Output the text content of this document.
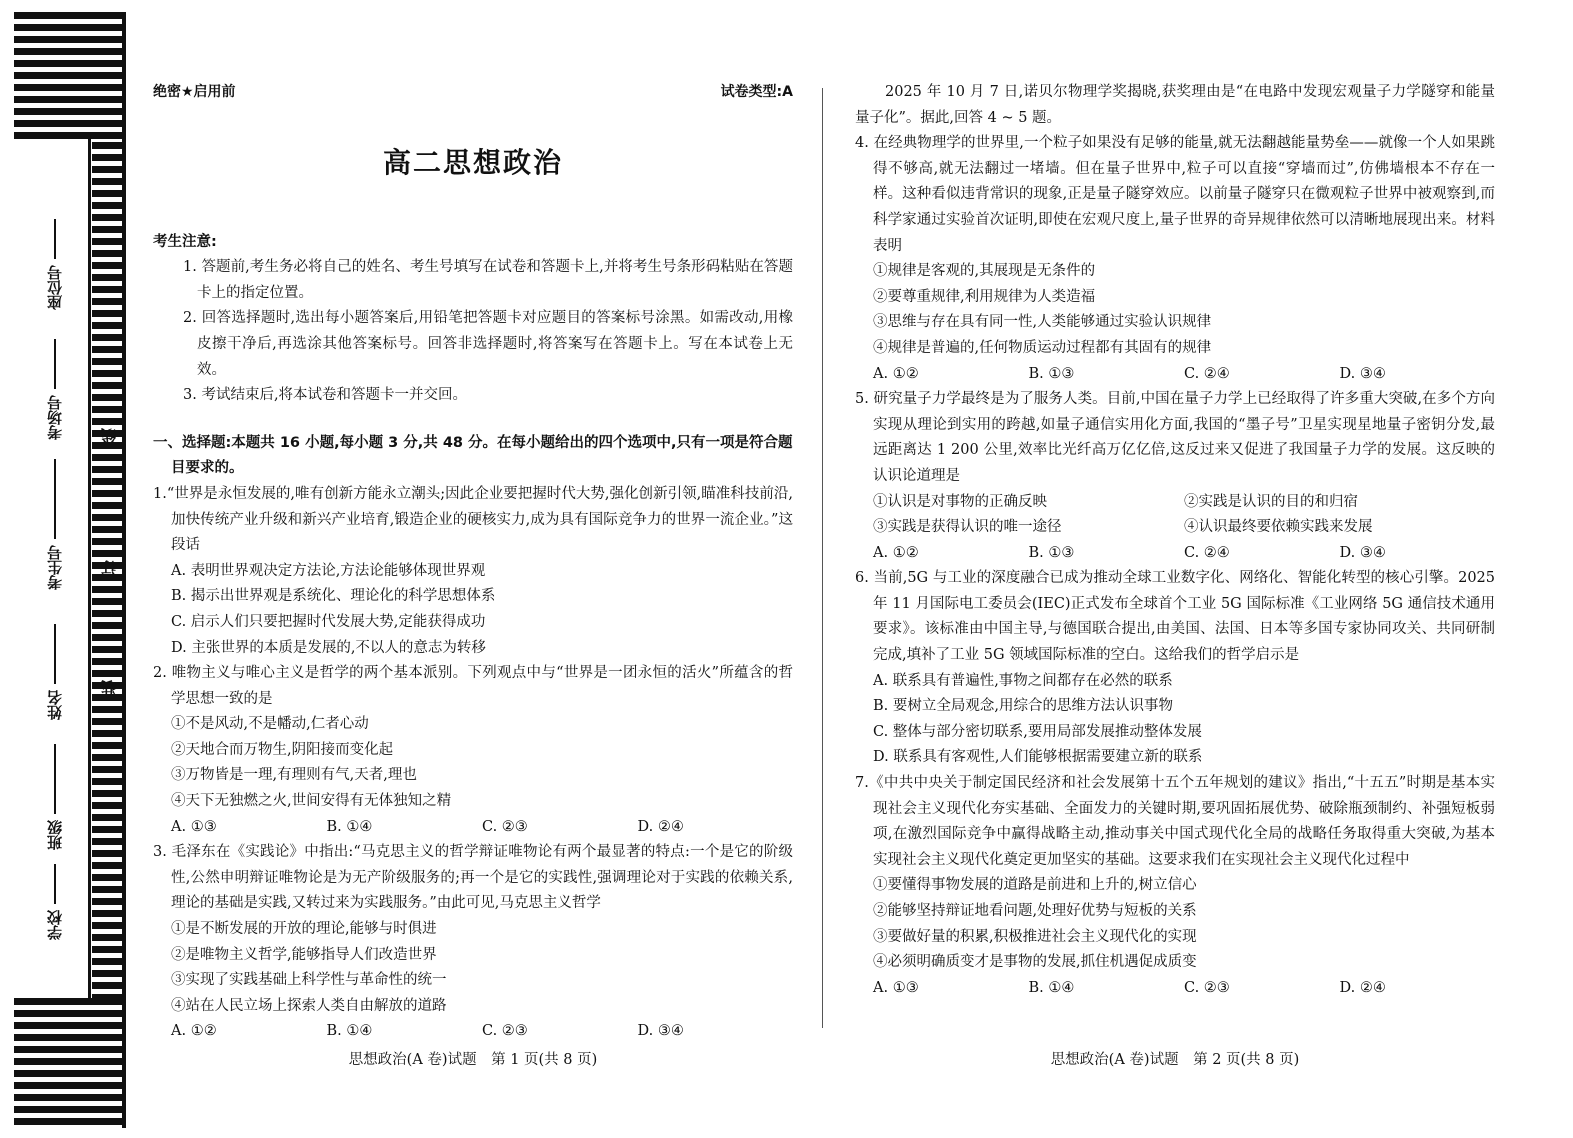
座位号
考场号
考生号
姓名
班级
学校
线
订
装
绝密★启用前	试卷类型:A
高二思想政治
考生注意:
1. 答题前,考生务必将自己的姓名、考生号填写在试卷和答题卡上,并将考生号条形码粘贴在答题卡上的指定位置。
2. 回答选择题时,选出每小题答案后,用铅笔把答题卡对应题目的答案标号涂黑。如需改动,用橡皮擦干净后,再选涂其他答案标号。回答非选择题时,将答案写在答题卡上。写在本试卷上无效。
3. 考试结束后,将本试卷和答题卡一并交回。
一、选择题:本题共 16 小题,每小题 3 分,共 48 分。在每小题给出的四个选项中,只有一项是符合题目要求的。
1.“世界是永恒发展的,唯有创新方能永立潮头;因此企业要把握时代大势,强化创新引领,瞄准科技前沿,加快传统产业升级和新兴产业培育,锻造企业的硬核实力,成为具有国际竞争力的世界一流企业。”这段话
A. 表明世界观决定方法论,方法论能够体现世界观
B. 揭示出世界观是系统化、理论化的科学思想体系
C. 启示人们只要把握时代发展大势,定能获得成功
D. 主张世界的本质是发展的,不以人的意志为转移
2. 唯物主义与唯心主义是哲学的两个基本派别。下列观点中与“世界是一团永恒的活火”所蕴含的哲学思想一致的是
①不是风动,不是幡动,仁者心动
②天地合而万物生,阴阳接而变化起
③万物皆是一理,有理则有气,天者,理也
④天下无独燃之火,世间安得有无体独知之精
A. ①③	B. ①④	C. ②③	D. ②④
3. 毛泽东在《实践论》中指出:“马克思主义的哲学辩证唯物论有两个最显著的特点:一个是它的阶级性,公然申明辩证唯物论是为无产阶级服务的;再一个是它的实践性,强调理论对于实践的依赖关系,理论的基础是实践,又转过来为实践服务。”由此可见,马克思主义哲学
①是不断发展的开放的理论,能够与时俱进
②是唯物主义哲学,能够指导人们改造世界
③实现了实践基础上科学性与革命性的统一
④站在人民立场上探索人类自由解放的道路
A. ①②	B. ①④	C. ②③	D. ③④
思想政治(A 卷)试题　第 1 页(共 8 页)
2025 年 10 月 7 日,诺贝尔物理学奖揭晓,获奖理由是“在电路中发现宏观量子力学隧穿和能量量子化”。据此,回答 4 ~ 5 题。
4. 在经典物理学的世界里,一个粒子如果没有足够的能量,就无法翻越能量势垒——就像一个人如果跳得不够高,就无法翻过一堵墙。但在量子世界中,粒子可以直接“穿墙而过”,仿佛墙根本不存在一样。这种看似违背常识的现象,正是量子隧穿效应。以前量子隧穿只在微观粒子世界中被观察到,而科学家通过实验首次证明,即使在宏观尺度上,量子世界的奇异规律依然可以清晰地展现出来。材料表明
①规律是客观的,其展现是无条件的
②要尊重规律,利用规律为人类造福
③思维与存在具有同一性,人类能够通过实验认识规律
④规律是普遍的,任何物质运动过程都有其固有的规律
A. ①②	B. ①③	C. ②④	D. ③④
5. 研究量子力学最终是为了服务人类。目前,中国在量子力学上已经取得了许多重大突破,在多个方向实现从理论到实用的跨越,如量子通信实用化方面,我国的“墨子号”卫星实现星地量子密钥分发,最远距离达 1 200 公里,效率比光纤高万亿亿倍,这反过来又促进了我国量子力学的发展。这反映的认识论道理是
①认识是对事物的正确反映	②实践是认识的目的和归宿
③实践是获得认识的唯一途径	④认识最终要依赖实践来发展
A. ①②	B. ①③	C. ②④	D. ③④
6. 当前,5G 与工业的深度融合已成为推动全球工业数字化、网络化、智能化转型的核心引擎。2025 年 11 月国际电工委员会(IEC)正式发布全球首个工业 5G 国际标准《工业网络 5G 通信技术通用要求》。该标准由中国主导,与德国联合提出,由美国、法国、日本等多国专家协同攻关、共同研制完成,填补了工业 5G 领域国际标准的空白。这给我们的哲学启示是
A. 联系具有普遍性,事物之间都存在必然的联系
B. 要树立全局观念,用综合的思维方法认识事物
C. 整体与部分密切联系,要用局部发展推动整体发展
D. 联系具有客观性,人们能够根据需要建立新的联系
7.《中共中央关于制定国民经济和社会发展第十五个五年规划的建议》指出,“十五五”时期是基本实现社会主义现代化夯实基础、全面发力的关键时期,要巩固拓展优势、破除瓶颈制约、补强短板弱项,在激烈国际竞争中赢得战略主动,推动事关中国式现代化全局的战略任务取得重大突破,为基本实现社会主义现代化奠定更加坚实的基础。这要求我们在实现社会主义现代化过程中
①要懂得事物发展的道路是前进和上升的,树立信心
②能够坚持辩证地看问题,处理好优势与短板的关系
③要做好量的积累,积极推进社会主义现代化的实现
④必须明确质变才是事物的发展,抓住机遇促成质变
A. ①③	B. ①④	C. ②③	D. ②④
思想政治(A 卷)试题　第 2 页(共 8 页)
